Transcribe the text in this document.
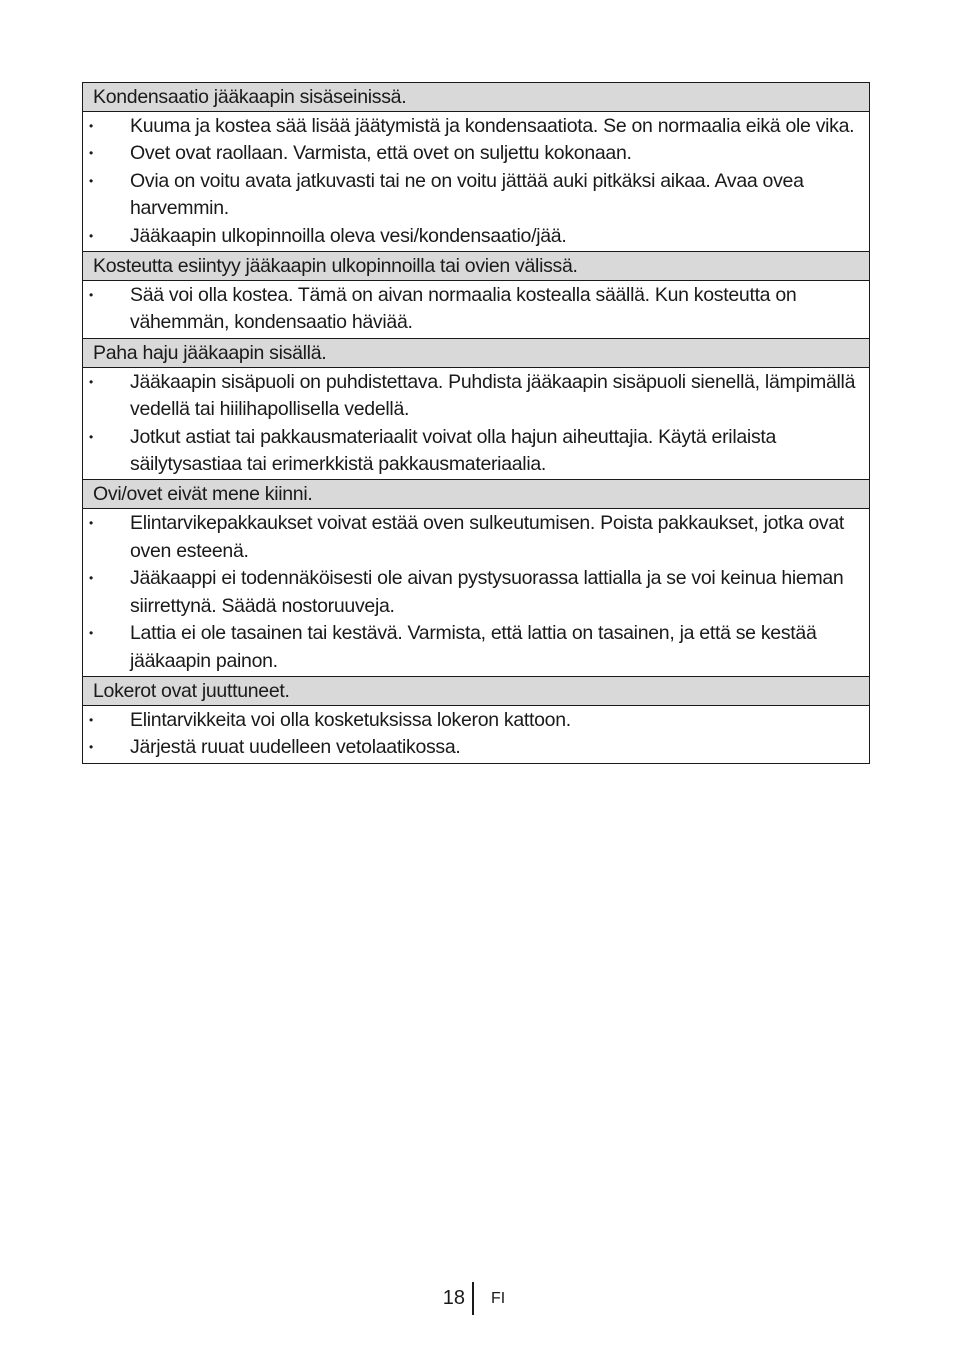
Kondensaatio jääkaapin sisäseinissä.
•	Kuuma ja kostea sää lisää jäätymistä ja kondensaatiota. Se on normaalia eikä ole vika.
•	Ovet ovat raollaan. Varmista, että ovet on suljettu kokonaan.
•	Ovia on voitu avata jatkuvasti tai ne on voitu jättää auki pitkäksi aikaa. Avaa ovea harvemmin.
•	Jääkaapin ulkopinnoilla oleva vesi/kondensaatio/jää.
Kosteutta esiintyy jääkaapin ulkopinnoilla tai ovien välissä.
•	Sää voi olla kostea. Tämä on aivan normaalia kostealla säällä. Kun kosteutta on vähemmän, kondensaatio häviää.
Paha haju jääkaapin sisällä.
•	Jääkaapin sisäpuoli on puhdistettava. Puhdista jääkaapin sisäpuoli sienellä, lämpimällä vedellä tai hiilihapollisella vedellä.
•	Jotkut astiat tai pakkausmateriaalit voivat olla hajun aiheuttajia. Käytä erilaista säilytysastiaa tai erimerkkistä pakkausmateriaalia.
Ovi/ovet eivät mene kiinni.
•	Elintarvikepakkaukset voivat estää oven sulkeutumisen. Poista pakkaukset, jotka ovat oven esteenä.
•	Jääkaappi ei todennäköisesti ole aivan pystysuorassa lattialla ja se voi keinua hieman siirrettynä. Säädä nostoruuveja.
•	Lattia ei ole tasainen tai kestävä. Varmista, että lattia on tasainen, ja että se kestää jääkaapin painon.
Lokerot ovat juuttuneet.
•	Elintarvikkeita voi olla kosketuksissa lokeron kattoon.
•	Järjestä ruuat uudelleen vetolaatikossa.
18 FI
